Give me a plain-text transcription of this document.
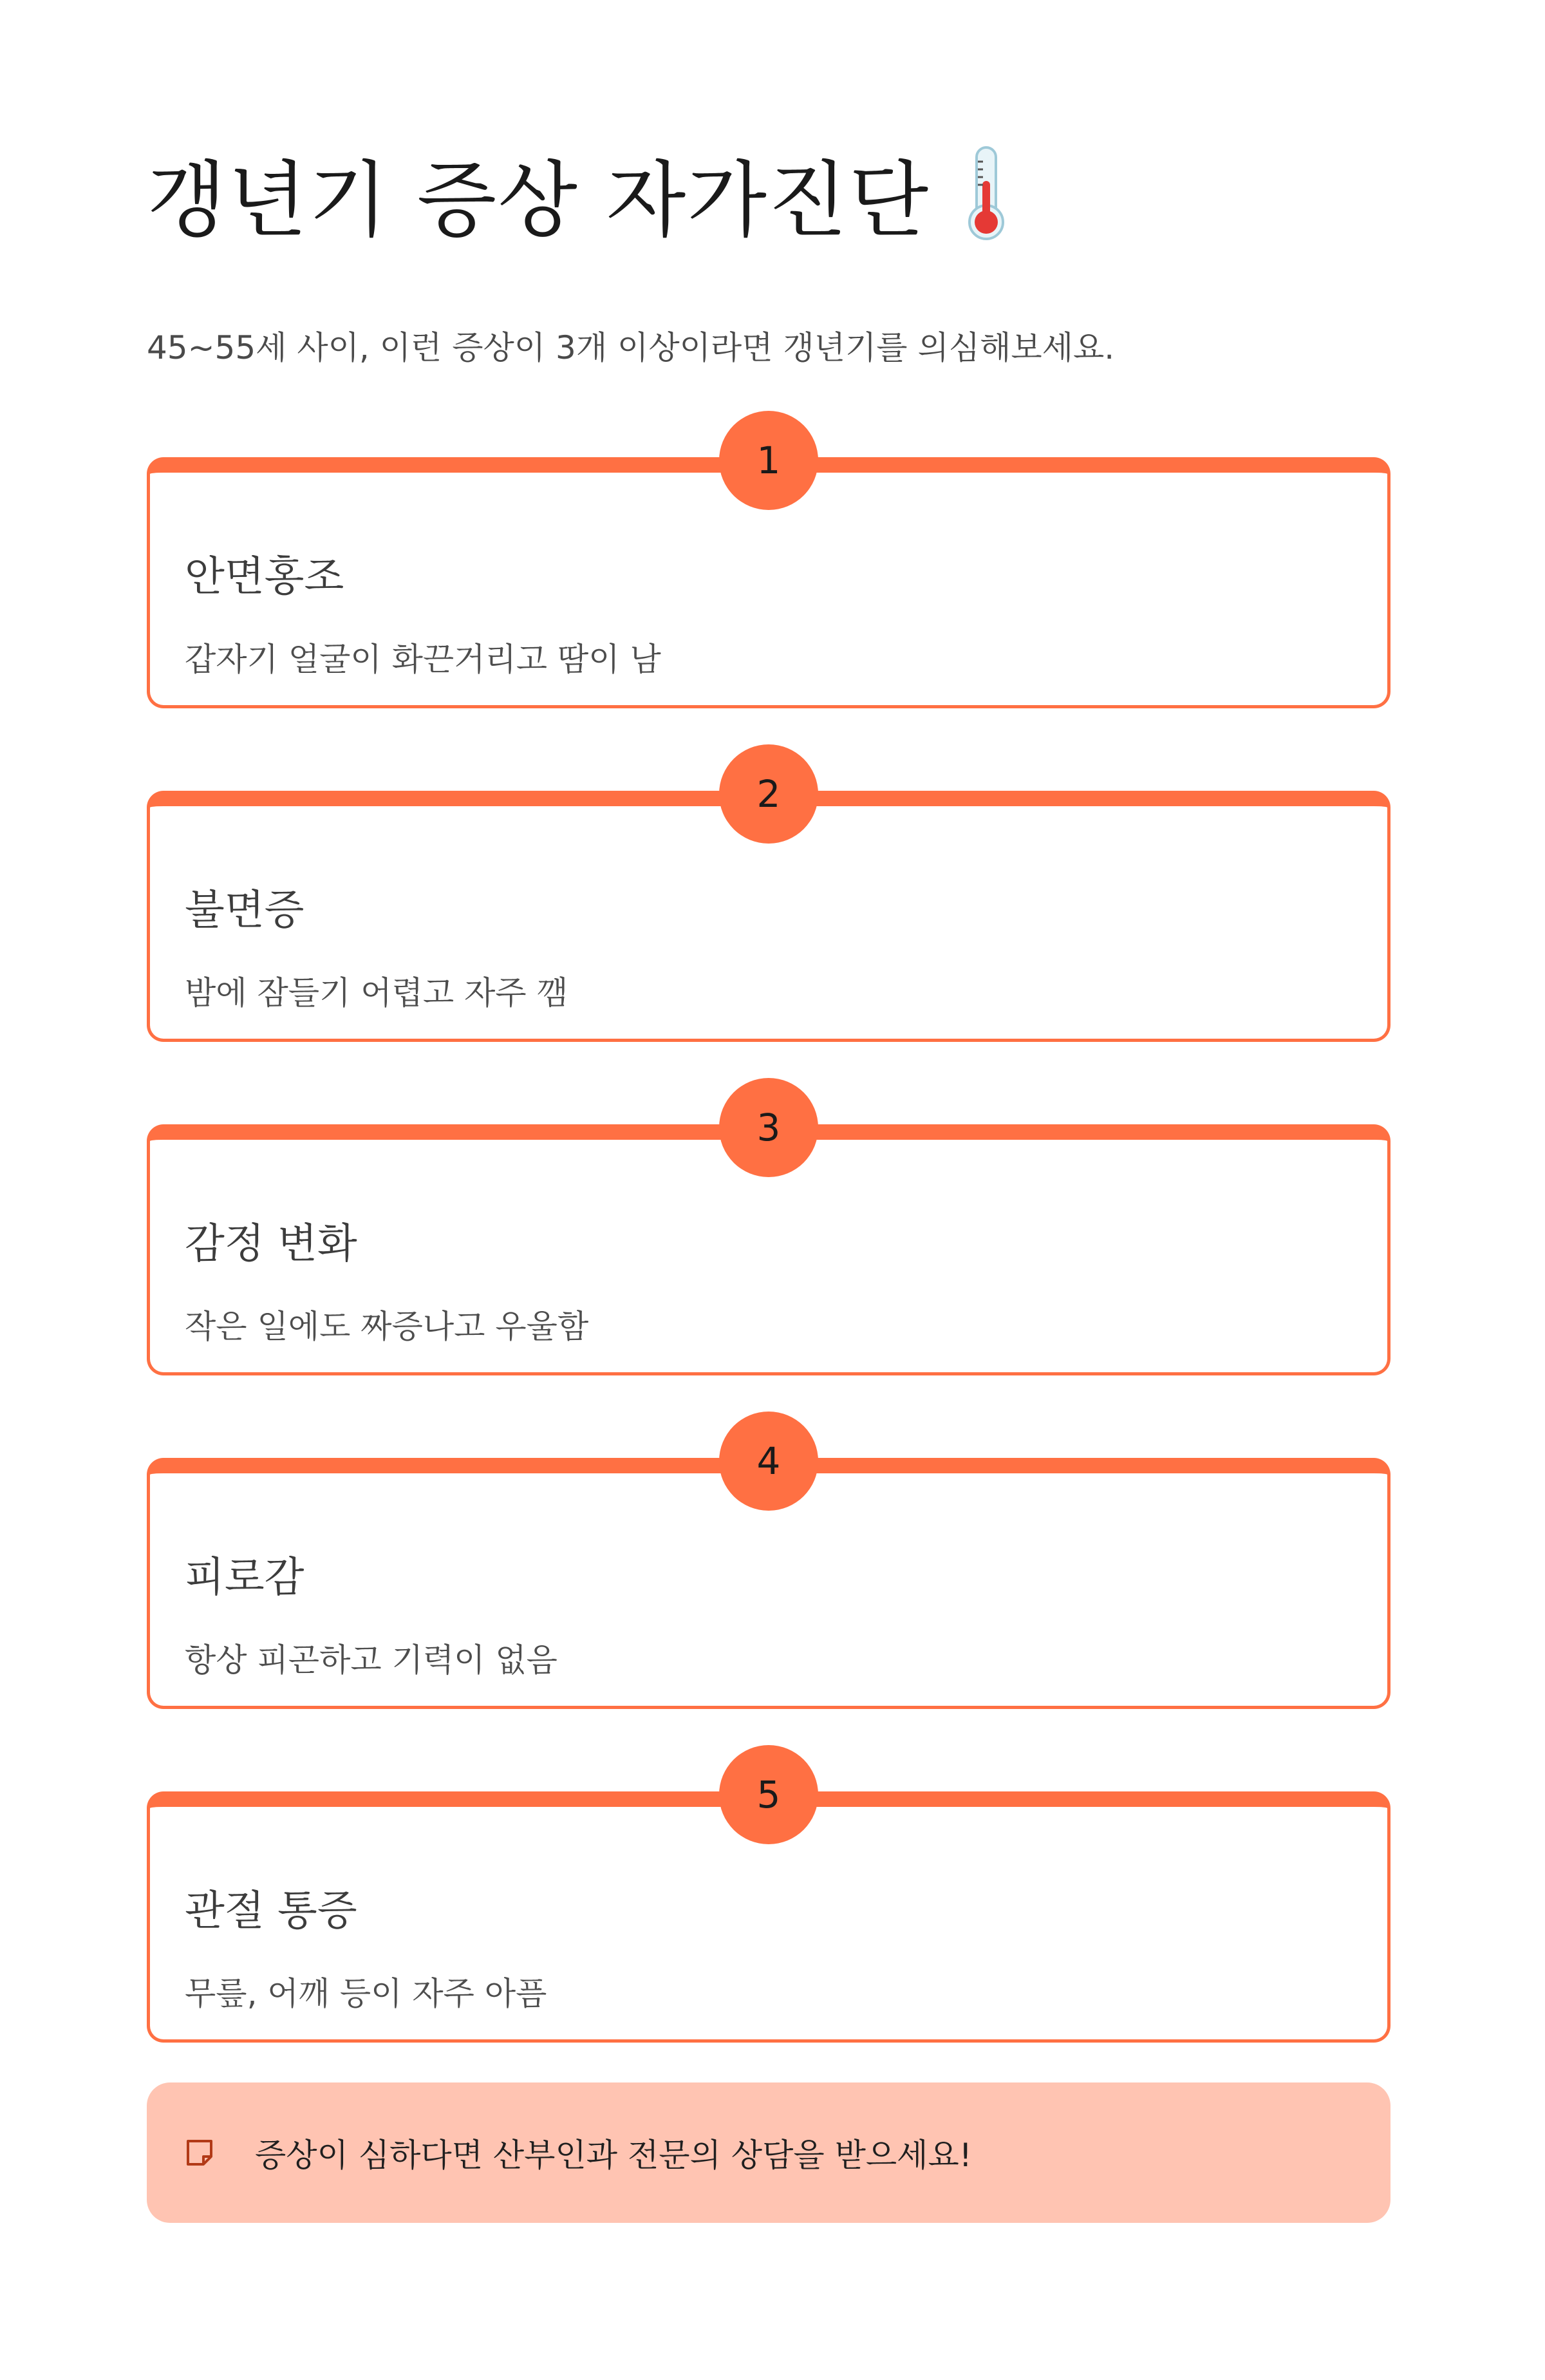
갱년기 증상 자가진단
45~55세 사이, 이런 증상이 3개 이상이라면 갱년기를 의심해보세요.
1
안면홍조
갑자기 얼굴이 화끈거리고 땀이 남
2
불면증
밤에 잠들기 어렵고 자주 깸
3
감정 변화
작은 일에도 짜증나고 우울함
4
피로감
항상 피곤하고 기력이 없음
5
관절 통증
무릎, 어깨 등이 자주 아픔
증상이 심하다면 산부인과 전문의 상담을 받으세요!
